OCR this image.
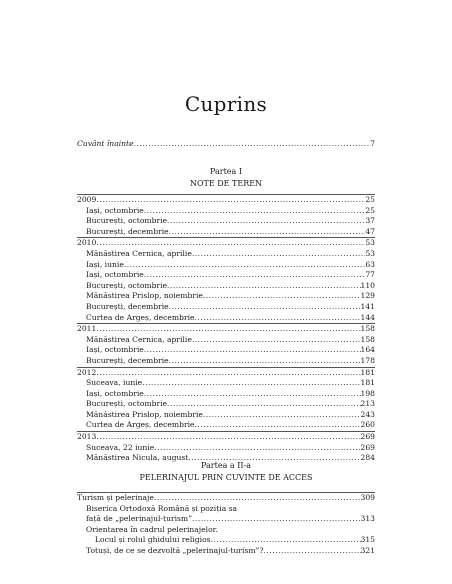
Cuprins
Cuvânt înainte .....	7
Partea I
NOTE DE TEREN
2009 .....	25
Iași, octombrie .....	25
București, octombrie .....	37
București, decembrie .....	47
2010 .....	53
Mănăstirea Cernica, aprilie .....	53
Iași, iunie .....	63
Iași, octombrie .....	77
București, octombrie .....	110
Mănăstirea Prislop, noiembrie .....	129
București, decembrie .....	141
Curtea de Argeș, decembrie .....	144
2011 .....	158
Mănăstirea Cernica, aprilie .....	158
Iași, octombrie .....	164
București, decembrie .....	178
2012 .....	181
Suceava, iunie .....	181
Iași, octombrie .....	198
București, octombrie .....	213
Mănăstirea Prislop, noiembrie .....	243
Curtea de Argeș, decembrie .....	260
2013 .....	269
Suceava, 22 iunie .....	269
Mănăstirea Nicula, august .....	284
Partea a II-a
PELERINAJUL PRIN CUVINTE DE ACCES
Turism și pelerinaje .....	309
Biserica Ortodoxă Română și poziția sa
față de „pelerinajul-turism” .....	313
Orientarea în cadrul pelerinajelor.
Locul și rolul ghidului religios .....	315
Totuși, de ce se dezvoltă „pelerinajul-turism”? .....	321
